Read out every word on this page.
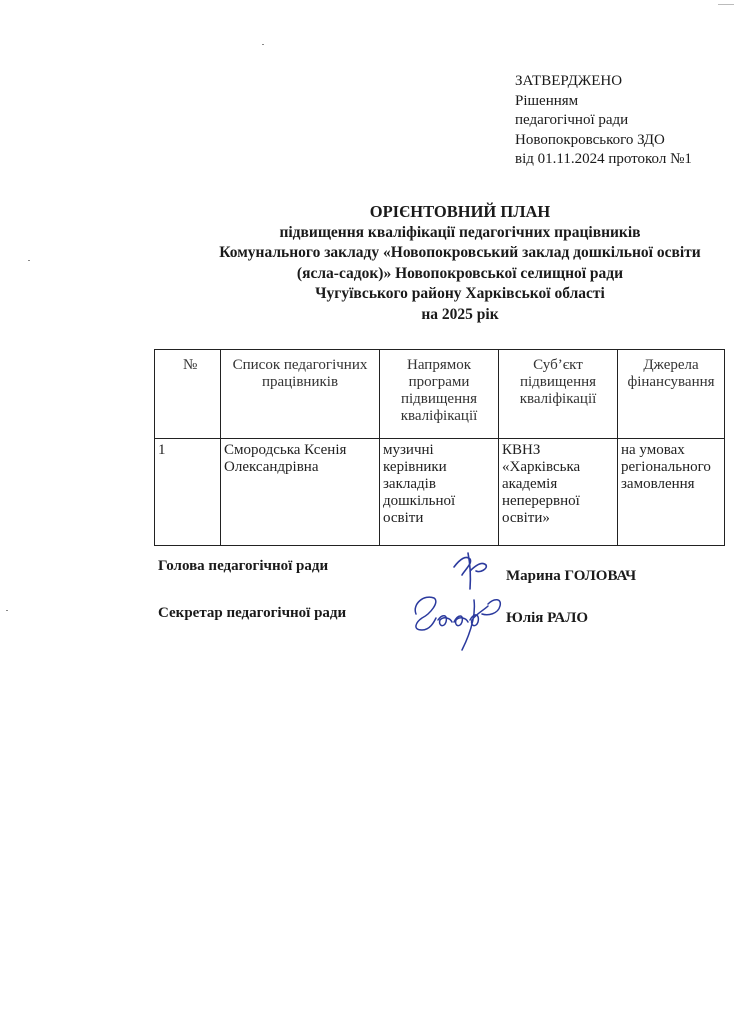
ЗАТВЕРДЖЕНО
Рішенням
педагогічної ради
Новопокровського ЗДО
від 01.11.2024 протокол №1
ОРІЄНТОВНИЙ ПЛАН
підвищення кваліфікації педагогічних працівників
Комунального закладу «Новопокровський заклад дошкільної освіти
(ясла-садок)» Новопокровської селищної ради
Чугуївського району Харківської області
на 2025 рік
№	Список педагогічних працівників	Напрямок програми підвищення кваліфікації	Суб’єкт підвищення кваліфікації	Джерела фінансування
1	Смородська Ксенія Олександрівна	музичні керівники закладів дошкільної освіти	КВНЗ «Харківська академія неперервної освіти»	на умовах регіонального замовлення
Голова педагогічної ради
Марина ГОЛОВАЧ
Секретар педагогічної ради	Юлія РАЛО
